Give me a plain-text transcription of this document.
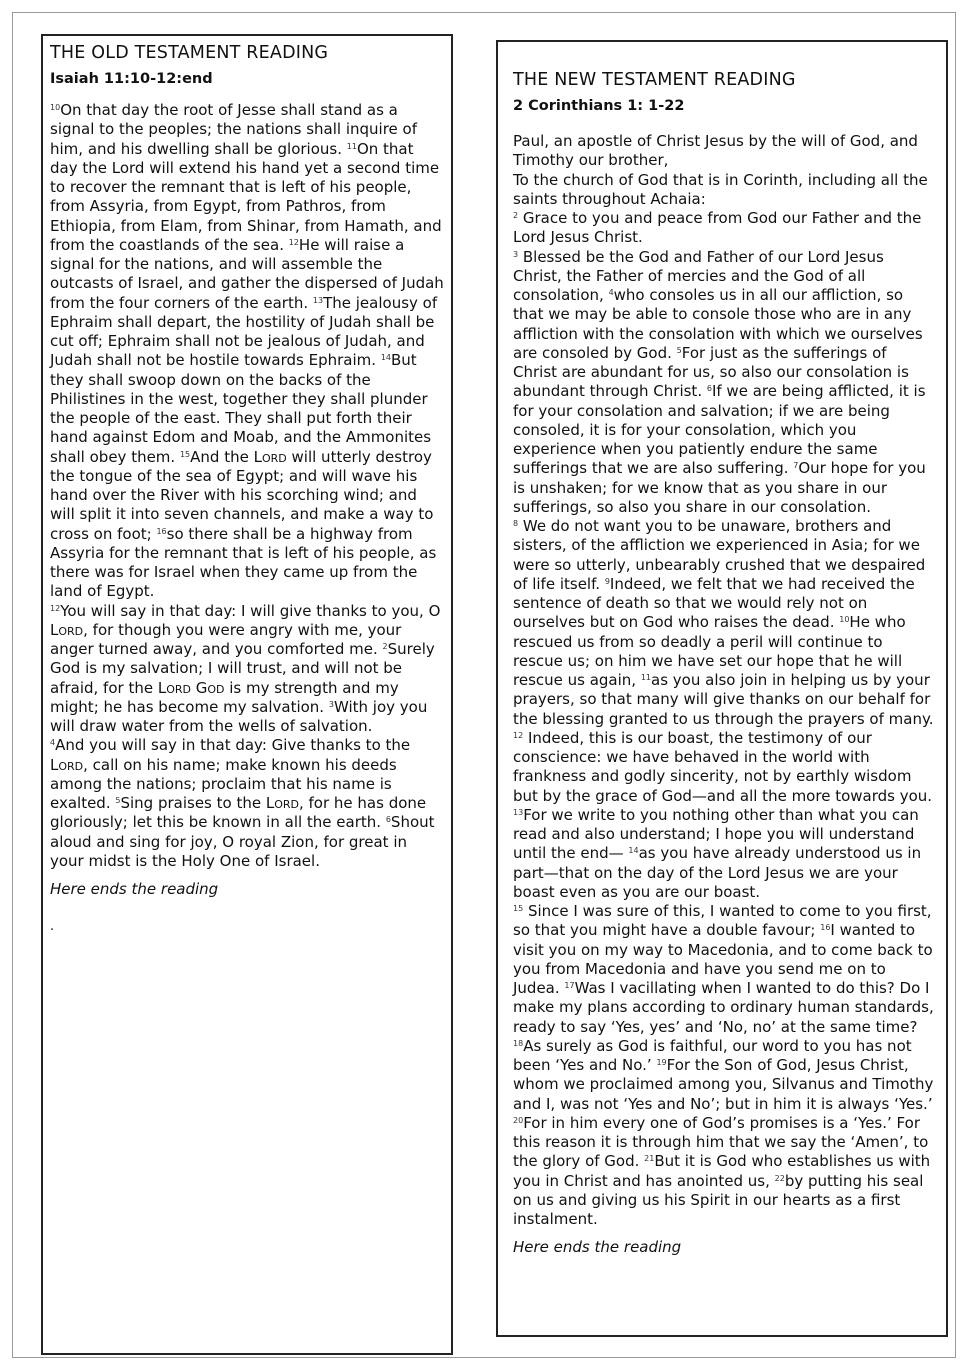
THE OLD TESTAMENT READING
Isaiah 11:10-12:end

$^{10}$On that day the root of Jesse shall stand as a signal to the peoples; the nations shall inquire of him, and his dwelling shall be glorious. $^{11}$On that day the Lord will extend his hand yet a second time to recover the remnant that is left of his people, from Assyria, from Egypt, from Pathros, from Ethiopia, from Elam, from Shinar, from Hamath, and from the coastlands of the sea. $^{12}$He will raise a signal for the nations, and will assemble the outcasts of Israel, and gather the dispersed of Judah from the four corners of the earth. $^{13}$The jealousy of Ephraim shall depart, the hostility of Judah shall be cut off; Ephraim shall not be jealous of Judah, and Judah shall not be hostile towards Ephraim. $^{14}$But they shall swoop down on the backs of the Philistines in the west, together they shall plunder the people of the east. They shall put forth their hand against Edom and Moab, and the Ammonites shall obey them. $^{15}$And the Lord will utterly destroy the tongue of the sea of Egypt; and will wave his hand over the River with his scorching wind; and will split it into seven channels, and make a way to cross on foot; $^{16}$so there shall be a highway from Assyria for the remnant that is left of his people, as there was for Israel when they came up from the land of Egypt.

$^{12}$You will say in that day: I will give thanks to you, O Lord, for though you were angry with me, your anger turned away, and you comforted me. $^2$Surely God is my salvation; I will trust, and will not be afraid, for the Lord God is my strength and my might; he has become my salvation. $^3$With joy you will draw water from the wells of salvation.

$^4$And you will say in that day: Give thanks to the Lord, call on his name; make known his deeds among the nations; proclaim that his name is exalted. $^5$Sing praises to the Lord, for he has done gloriously; let this be known in all the earth. $^6$Shout aloud and sing for joy, O royal Zion, for great in your midst is the Holy One of Israel.

Here ends the reading
.
THE NEW TESTAMENT READING
2 Corinthians 1: 1-22

Paul, an apostle of Christ Jesus by the will of God, and Timothy our brother,

To the church of God that is in Corinth, including all the saints throughout Achaia:

$^2$ Grace to you and peace from God our Father and the Lord Jesus Christ.

$^3$ Blessed be the God and Father of our Lord Jesus Christ, the Father of mercies and the God of all consolation, $^4$who consoles us in all our affliction, so that we may be able to console those who are in any affliction with the consolation with which we ourselves are consoled by God. $^5$For just as the sufferings of Christ are abundant for us, so also our consolation is abundant through Christ. $^6$If we are being afflicted, it is for your consolation and salvation; if we are being consoled, it is for your consolation, which you experience when you patiently endure the same sufferings that we are also suffering. $^7$Our hope for you is unshaken; for we know that as you share in our sufferings, so also you share in our consolation.

$^8$ We do not want you to be unaware, brothers and sisters, of the affliction we experienced in Asia; for we were so utterly, unbearably crushed that we despaired of life itself. $^9$Indeed, we felt that we had received the sentence of death so that we would rely not on ourselves but on God who raises the dead. $^{10}$He who rescued us from so deadly a peril will continue to rescue us; on him we have set our hope that he will rescue us again, $^{11}$as you also join in helping us by your prayers, so that many will give thanks on our behalf for the blessing granted to us through the prayers of many.

$^{12}$ Indeed, this is our boast, the testimony of our conscience: we have behaved in the world with frankness and godly sincerity, not by earthly wisdom but by the grace of God—and all the more towards you. $^{13}$For we write to you nothing other than what you can read and also understand; I hope you will understand until the end— $^{14}$as you have already understood us in part—that on the day of the Lord Jesus we are your boast even as you are our boast.

$^{15}$ Since I was sure of this, I wanted to come to you first, so that you might have a double favour; $^{16}$I wanted to visit you on my way to Macedonia, and to come back to you from Macedonia and have you send me on to Judea. $^{17}$Was I vacillating when I wanted to do this? Do I make my plans according to ordinary human standards, ready to say ‘Yes, yes’ and ‘No, no’ at the same time? $^{18}$As surely as God is faithful, our word to you has not been ‘Yes and No.’ $^{19}$For the Son of God, Jesus Christ, whom we proclaimed among you, Silvanus and Timothy and I, was not ‘Yes and No’; but in him it is always ‘Yes.’ $^{20}$For in him every one of God’s promises is a ‘Yes.’ For this reason it is through him that we say the ‘Amen’, to the glory of God. $^{21}$But it is God who establishes us with you in Christ and has anointed us, $^{22}$by putting his seal on us and giving us his Spirit in our hearts as a first instalment.

Here ends the reading
